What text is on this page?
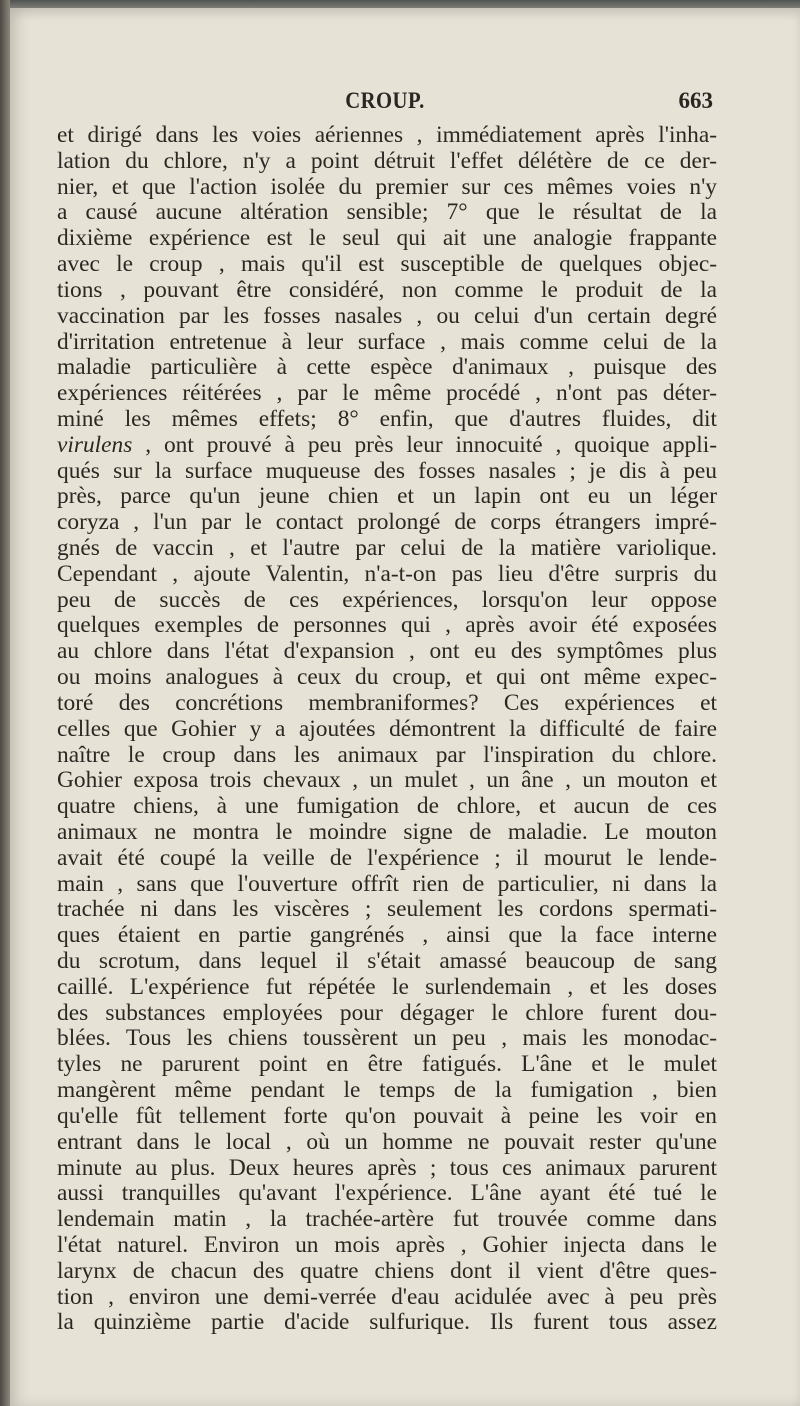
CROUP.	663
et dirigé dans les voies aériennes , immédiatement après l'inha-
lation du chlore, n'y a point détruit l'effet délétère de ce der-
nier, et que l'action isolée du premier sur ces mêmes voies n'y
a causé aucune altération sensible; 7° que le résultat de la
dixième expérience est le seul qui ait une analogie frappante
avec le croup , mais qu'il est susceptible de quelques objec-
tions , pouvant être considéré, non comme le produit de la
vaccination par les fosses nasales , ou celui d'un certain degré
d'irritation entretenue à leur surface , mais comme celui de la
maladie particulière à cette espèce d'animaux , puisque des
expériences réitérées , par le même procédé , n'ont pas déter-
miné les mêmes effets; 8° enfin, que d'autres fluides, dit
virulens , ont prouvé à peu près leur innocuité , quoique appli-
qués sur la surface muqueuse des fosses nasales ; je dis à peu
près, parce qu'un jeune chien et un lapin ont eu un léger
coryza , l'un par le contact prolongé de corps étrangers impré-
gnés de vaccin , et l'autre par celui de la matière variolique.
Cependant , ajoute Valentin, n'a-t-on pas lieu d'être surpris du
peu de succès de ces expériences, lorsqu'on leur oppose
quelques exemples de personnes qui , après avoir été exposées
au chlore dans l'état d'expansion , ont eu des symptômes plus
ou moins analogues à ceux du croup, et qui ont même expec-
toré des concrétions membraniformes? Ces expériences et
celles que Gohier y a ajoutées démontrent la difficulté de faire
naître le croup dans les animaux par l'inspiration du chlore.
Gohier exposa trois chevaux , un mulet , un âne , un mouton et
quatre chiens, à une fumigation de chlore, et aucun de ces
animaux ne montra le moindre signe de maladie. Le mouton
avait été coupé la veille de l'expérience ; il mourut le lende-
main , sans que l'ouverture offrît rien de particulier, ni dans la
trachée ni dans les viscères ; seulement les cordons spermati-
ques étaient en partie gangrénés , ainsi que la face interne
du scrotum, dans lequel il s'était amassé beaucoup de sang
caillé. L'expérience fut répétée le surlendemain , et les doses
des substances employées pour dégager le chlore furent dou-
blées. Tous les chiens toussèrent un peu , mais les monodac-
tyles ne parurent point en être fatigués. L'âne et le mulet
mangèrent même pendant le temps de la fumigation , bien
qu'elle fût tellement forte qu'on pouvait à peine les voir en
entrant dans le local , où un homme ne pouvait rester qu'une
minute au plus. Deux heures après ; tous ces animaux parurent
aussi tranquilles qu'avant l'expérience. L'âne ayant été tué le
lendemain matin , la trachée-artère fut trouvée comme dans
l'état naturel. Environ un mois après , Gohier injecta dans le
larynx de chacun des quatre chiens dont il vient d'être ques-
tion , environ une demi-verrée d'eau acidulée avec à peu près
la quinzième partie d'acide sulfurique. Ils furent tous assez
